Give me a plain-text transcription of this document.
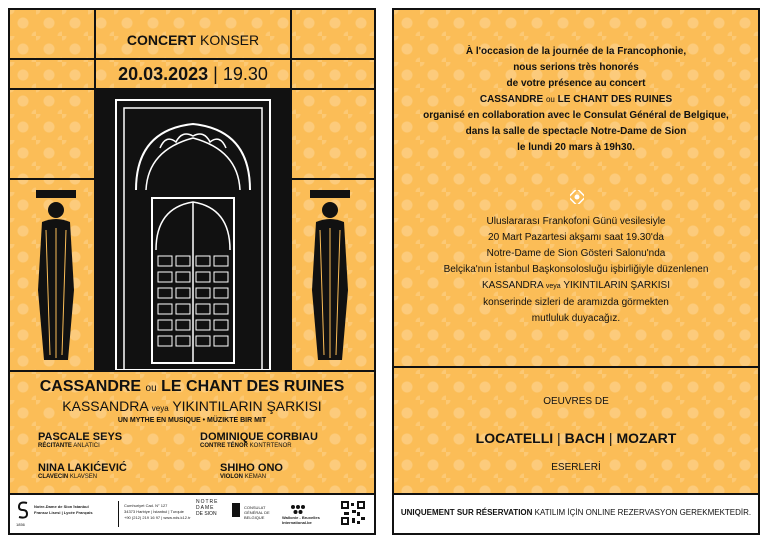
CONCERT KONSER
20.03.2023 | 19.30
CASSANDRE ou LE CHANT DES RUINES
KASSANDRA veya YIKINTILARIN ŞARKISI
UN MYTHE EN MUSIQUE • MÜZIKTE BIR MIT
PASCALE SEYS
RÉCITANTE ANLATICI
DOMINIQUE CORBIAU
CONTRE TÉNOR KONTRTENOR
NINA LAKIĆEVIĆ
CLAVECIN KLAVSEN
SHIHO ONO
VIOLON KEMAN
1856
Notre-Dame de Sion İstanbul
Fransız Lisesi | Lycée Français
Cumhuriyet Cad. N° 127
34373 Harbiye | İstanbul | Turquie
+90 (212) 219 16 97 | www.nds.k12.tr
NOTRE
DAME
DE SION
CONSULAT GÉNÉRAL DE BELGIQUE	Wallonie - Bruxelles International.be
À l'occasion de la journée de la Francophonie,
nous serions très honorés
de votre présence au concert
CASSANDRE ou LE CHANT DES RUINES
organisé en collaboration avec le Consulat Général de Belgique,
dans la salle de spectacle Notre-Dame de Sion
le lundi 20 mars à 19h30.
Uluslararası Frankofoni Günü vesilesiyle
20 Mart Pazartesi akşamı saat 19.30'da
Notre-Dame de Sion Gösteri Salonu'nda
Belçika'nın İstanbul Başkonsolosluğu işbirliğiyle düzenlenen
KASSANDRA veya YIKINTILARIN ŞARKISI
konserinde sizleri de aramızda görmekten
mutluluk duyacağız.
OEUVRES DE
LOCATELLI | BACH | MOZART
ESERLERİ
UNIQUEMENT SUR RÉSERVATION KATILIM İÇİN ONLINE REZERVASYON GEREKMEKTEDİR.
